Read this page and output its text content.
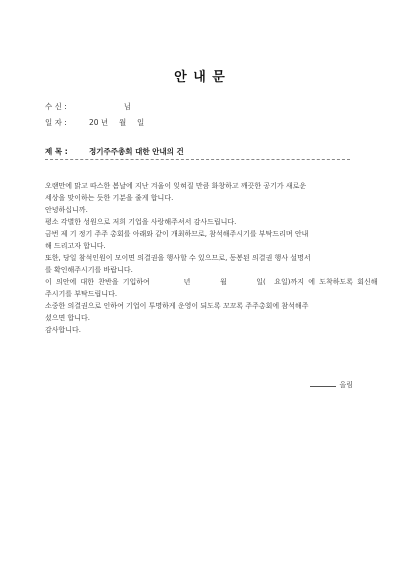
안 내 문
수 신 :	님
일 자 :	20 년 월 일
제 목 :	정기주주총회 대한 안내의 건

오랜만에 맑고 따스한 봄날에 지난 겨울이 잊혀질 만큼 화창하고 깨끗한 공기가 새로운

세상을 맞이하는 듯한 기분을 줄게 합니다.

안녕하십니까.

평소 각별한 성원으로 저희 기업을 사랑해주셔서 감사드립니다.

금번 제 기 정기 주주 총회를 아래와 같이 개최하므로, 참석해주시기를 부탁드리며 안내

해 드리고자 합니다.

또한, 당일 참석인원이 모이면 의결권을 행사할 수 있으므로, 동봉된 의결권 행사 설명서

를 확인해주시기를 바랍니다.

이 의안에 대한 찬반을 기입하여        년       월       일(  요일)까지 에 도착하도록 회신해

주시기를 부탁드립니다.

소중한 의결권으로 인하여 기업이 투명하게 운영이 되도록 꼬꼬록 주주총회에 참석해주

셨으면 합니다.

감사합니다.

올림
